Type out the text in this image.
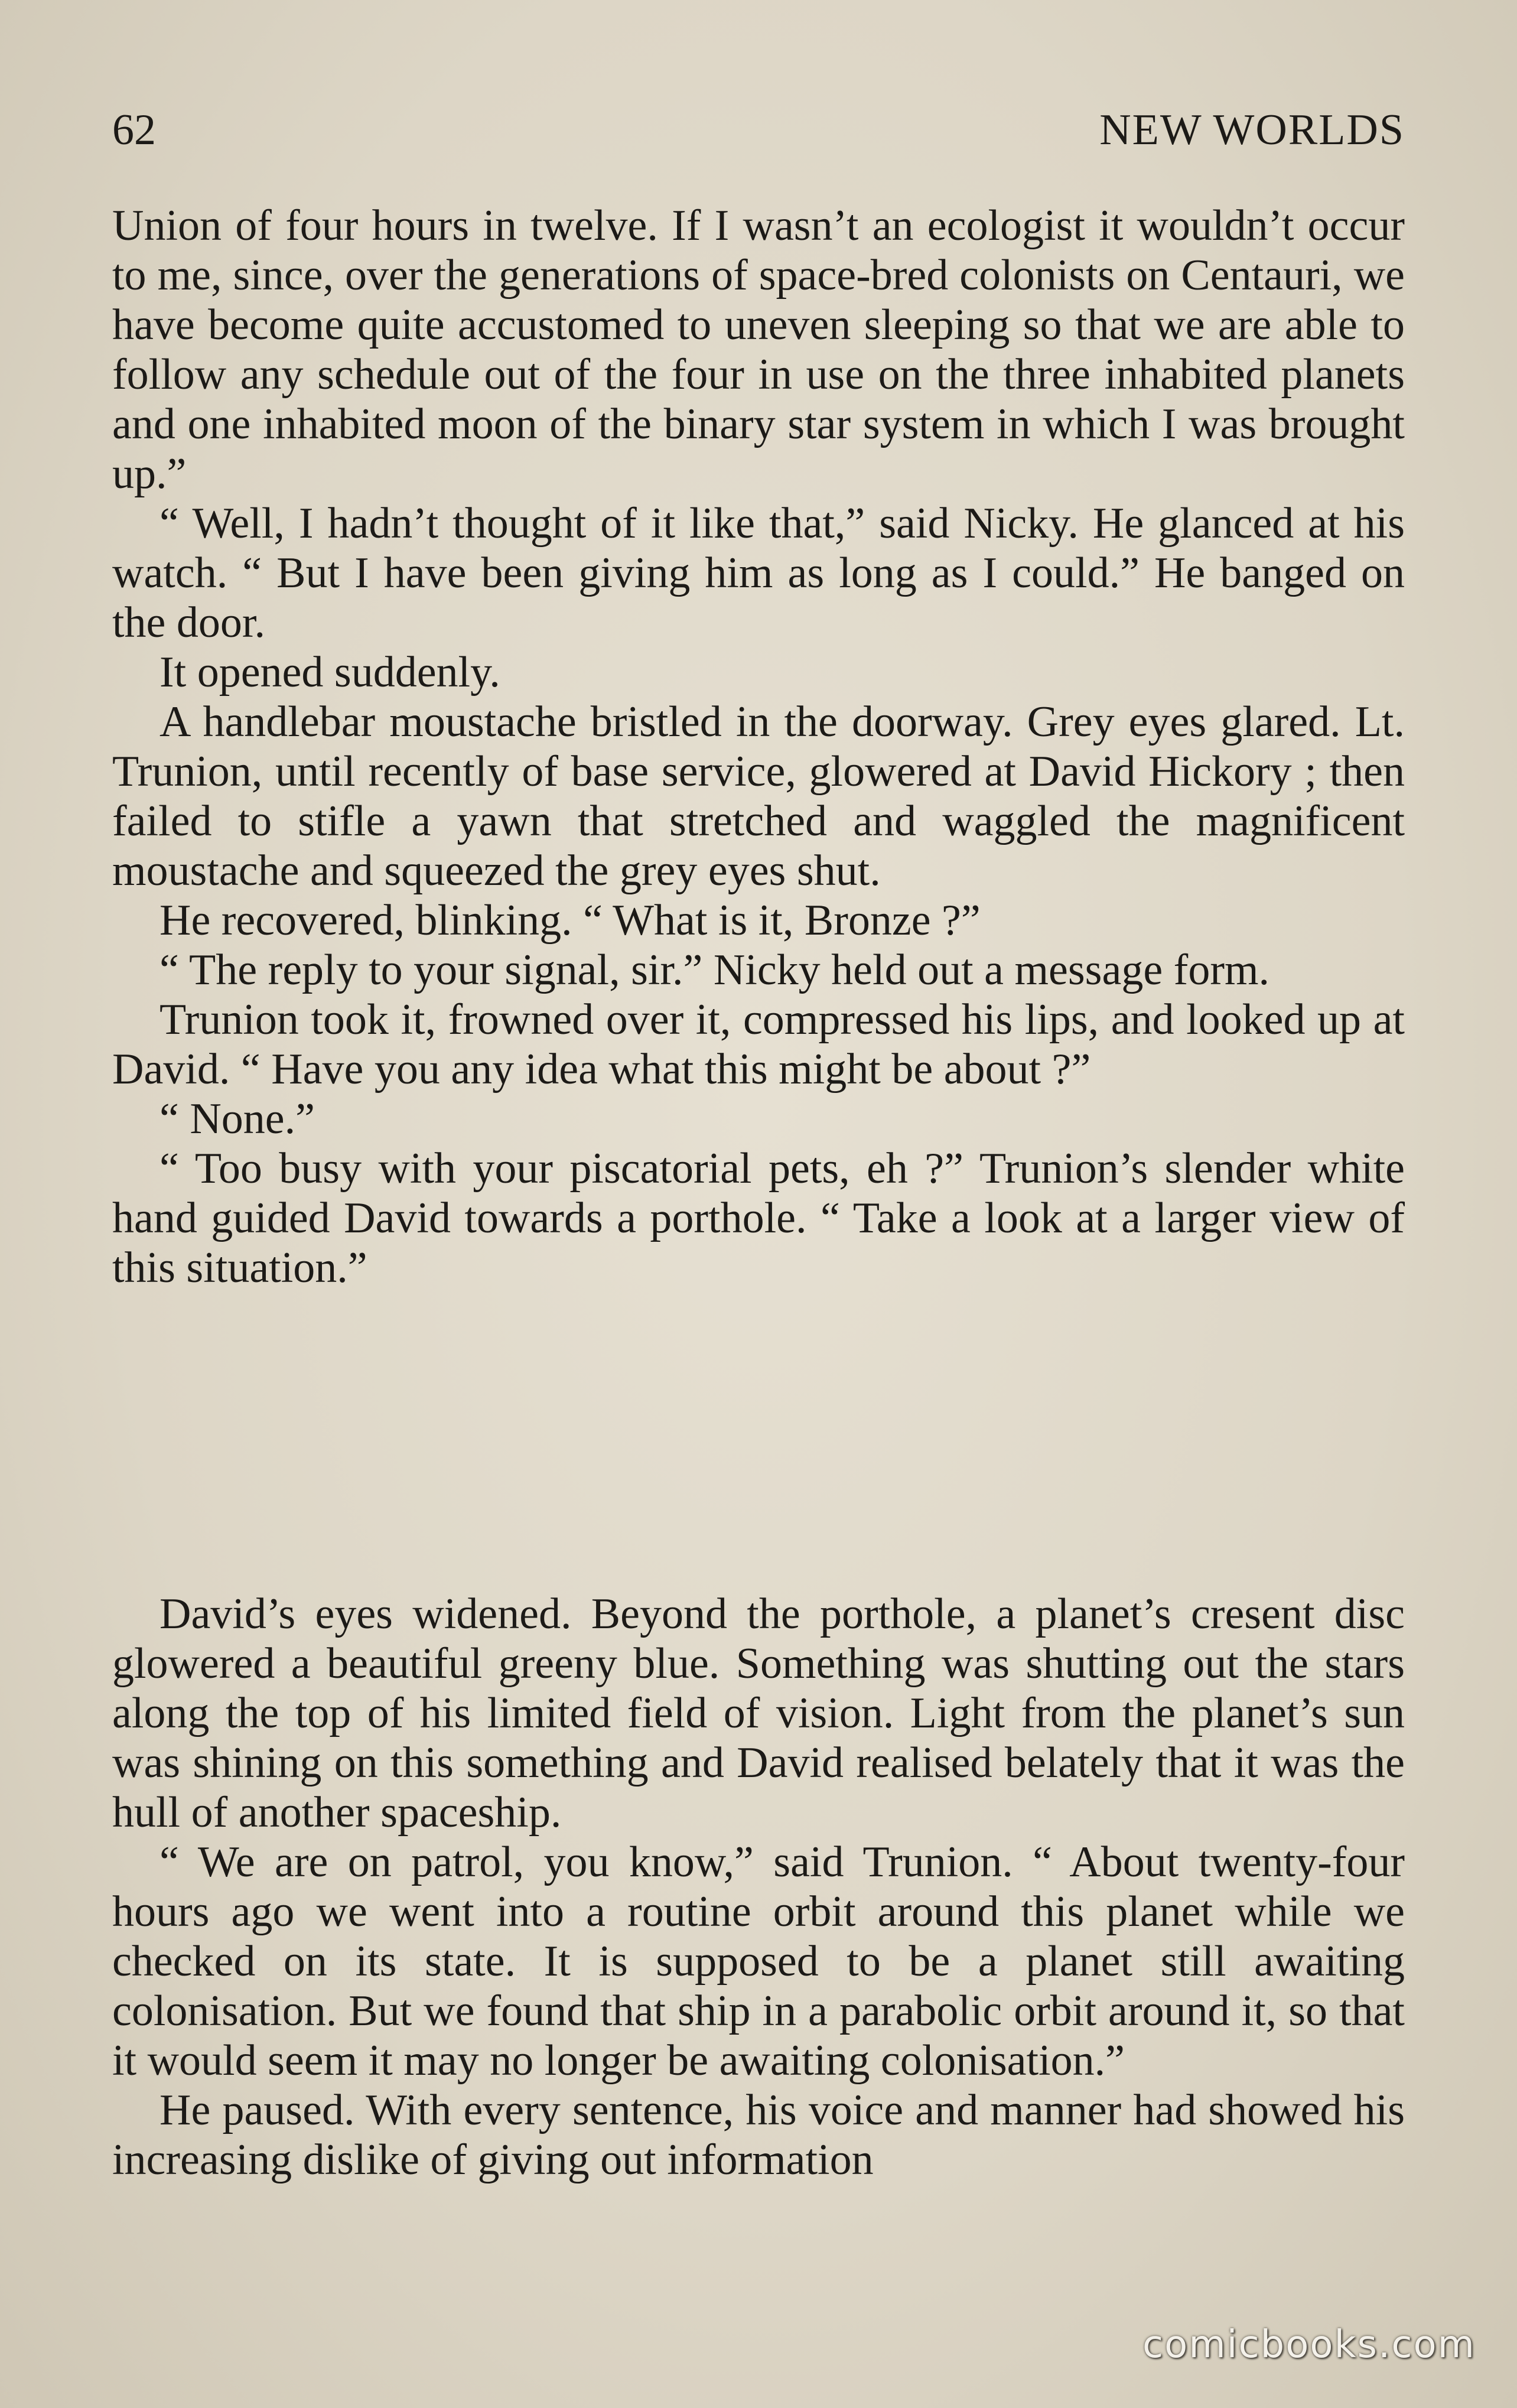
62	NEW WORLDS

Union of four hours in twelve. If I wasn’t an ecologist it wouldn’t occur to me, since, over the generations of space-bred colonists on Centauri, we have become quite accustomed to uneven sleeping so that we are able to follow any schedule out of the four in use on the three inhabited planets and one inhabited moon of the binary star system in which I was brought up.”

“ Well, I hadn’t thought of it like that,” said Nicky. He glanced at his watch. “ But I have been giving him as long as I could.” He banged on the door.

It opened suddenly.

A handlebar moustache bristled in the doorway. Grey eyes glared. Lt. Trunion, until recently of base service, glowered at David Hickory ; then failed to stifle a yawn that stretched and waggled the magnificent moustache and squeezed the grey eyes shut.

He recovered, blinking. “ What is it, Bronze ?”

“ The reply to your signal, sir.” Nicky held out a message form.

Trunion took it, frowned over it, compressed his lips, and looked up at David. “ Have you any idea what this might be about ?”

“ None.”

“ Too busy with your piscatorial pets, eh ?” Trunion’s slender white hand guided David towards a porthole. “ Take a look at a larger view of this situation.”

David’s eyes widened. Beyond the porthole, a planet’s cresent disc glowered a beautiful greeny blue. Something was shutting out the stars along the top of his limited field of vision. Light from the planet’s sun was shining on this something and David realised belately that it was the hull of another spaceship.

“ We are on patrol, you know,” said Trunion. “ About twenty-four hours ago we went into a routine orbit around this planet while we checked on its state. It is supposed to be a planet still awaiting colonisation. But we found that ship in a parabolic orbit around it, so that it would seem it may no longer be awaiting colonisation.”

He paused. With every sentence, his voice and manner had showed his increasing dislike of giving out information

comicbooks.com
